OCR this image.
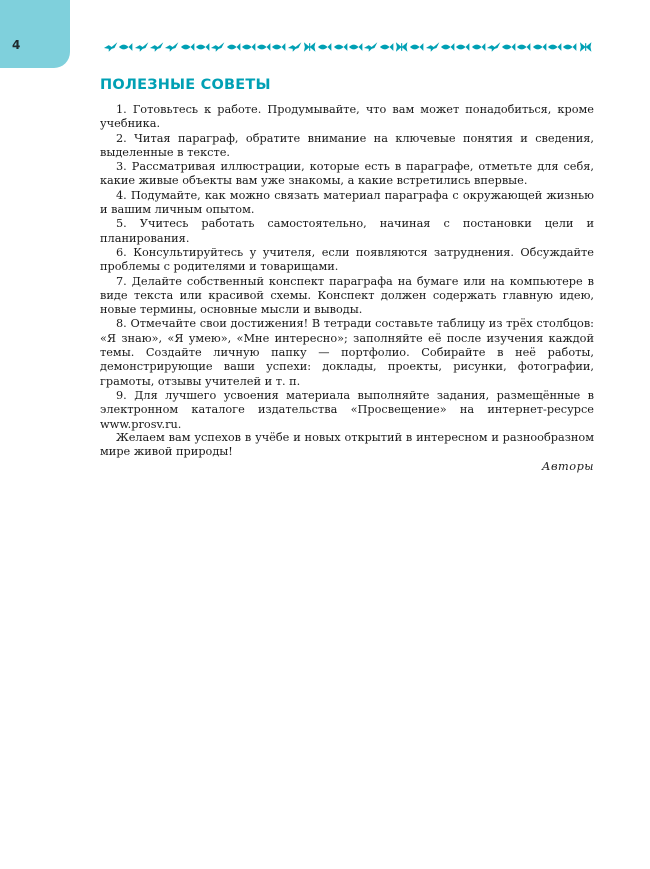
4
ПОЛЕЗНЫЕ СОВЕТЫ

1. Готовьтесь к работе. Продумывайте, что вам может понадобиться, кроме учебника.

2. Читая параграф, обратите внимание на ключевые понятия и сведения, выделенные в тексте.

3. Рассматривая иллюстрации, которые есть в параграфе, отметьте для себя, какие живые объекты вам уже знакомы, а какие встретились впервые.

4. Подумайте, как можно связать материал параграфа с окружающей жизнью и вашим личным опытом.

5. Учитесь работать самостоятельно, начиная с постановки цели и планирования.

6. Консультируйтесь у учителя, если появляются затруднения. Обсуждайте проблемы с родителями и товарищами.

7. Делайте собственный конспект параграфа на бумаге или на компьютере в виде текста или красивой схемы. Конспект должен содержать главную идею, новые термины, основные мысли и выводы.

8. Отмечайте свои достижения! В тетради составьте таблицу из трёх столбцов: «Я знаю», «Я умею», «Мне интересно»; заполняйте её после изучения каждой темы. Создайте личную папку — портфолио. Собирайте в неё работы, демонстрирующие ваши успехи: доклады, проекты, рисунки, фотографии, грамоты, отзывы учителей и т. п.

9. Для лучшего усвоения материала выполняйте задания, размещённые в электронном каталоге издательства «Просвещение» на интернет-ресурсе www.prosv.ru.

Желаем вам успехов в учёбе и новых открытий в интересном и разнообразном мире живой природы!

Авторы
